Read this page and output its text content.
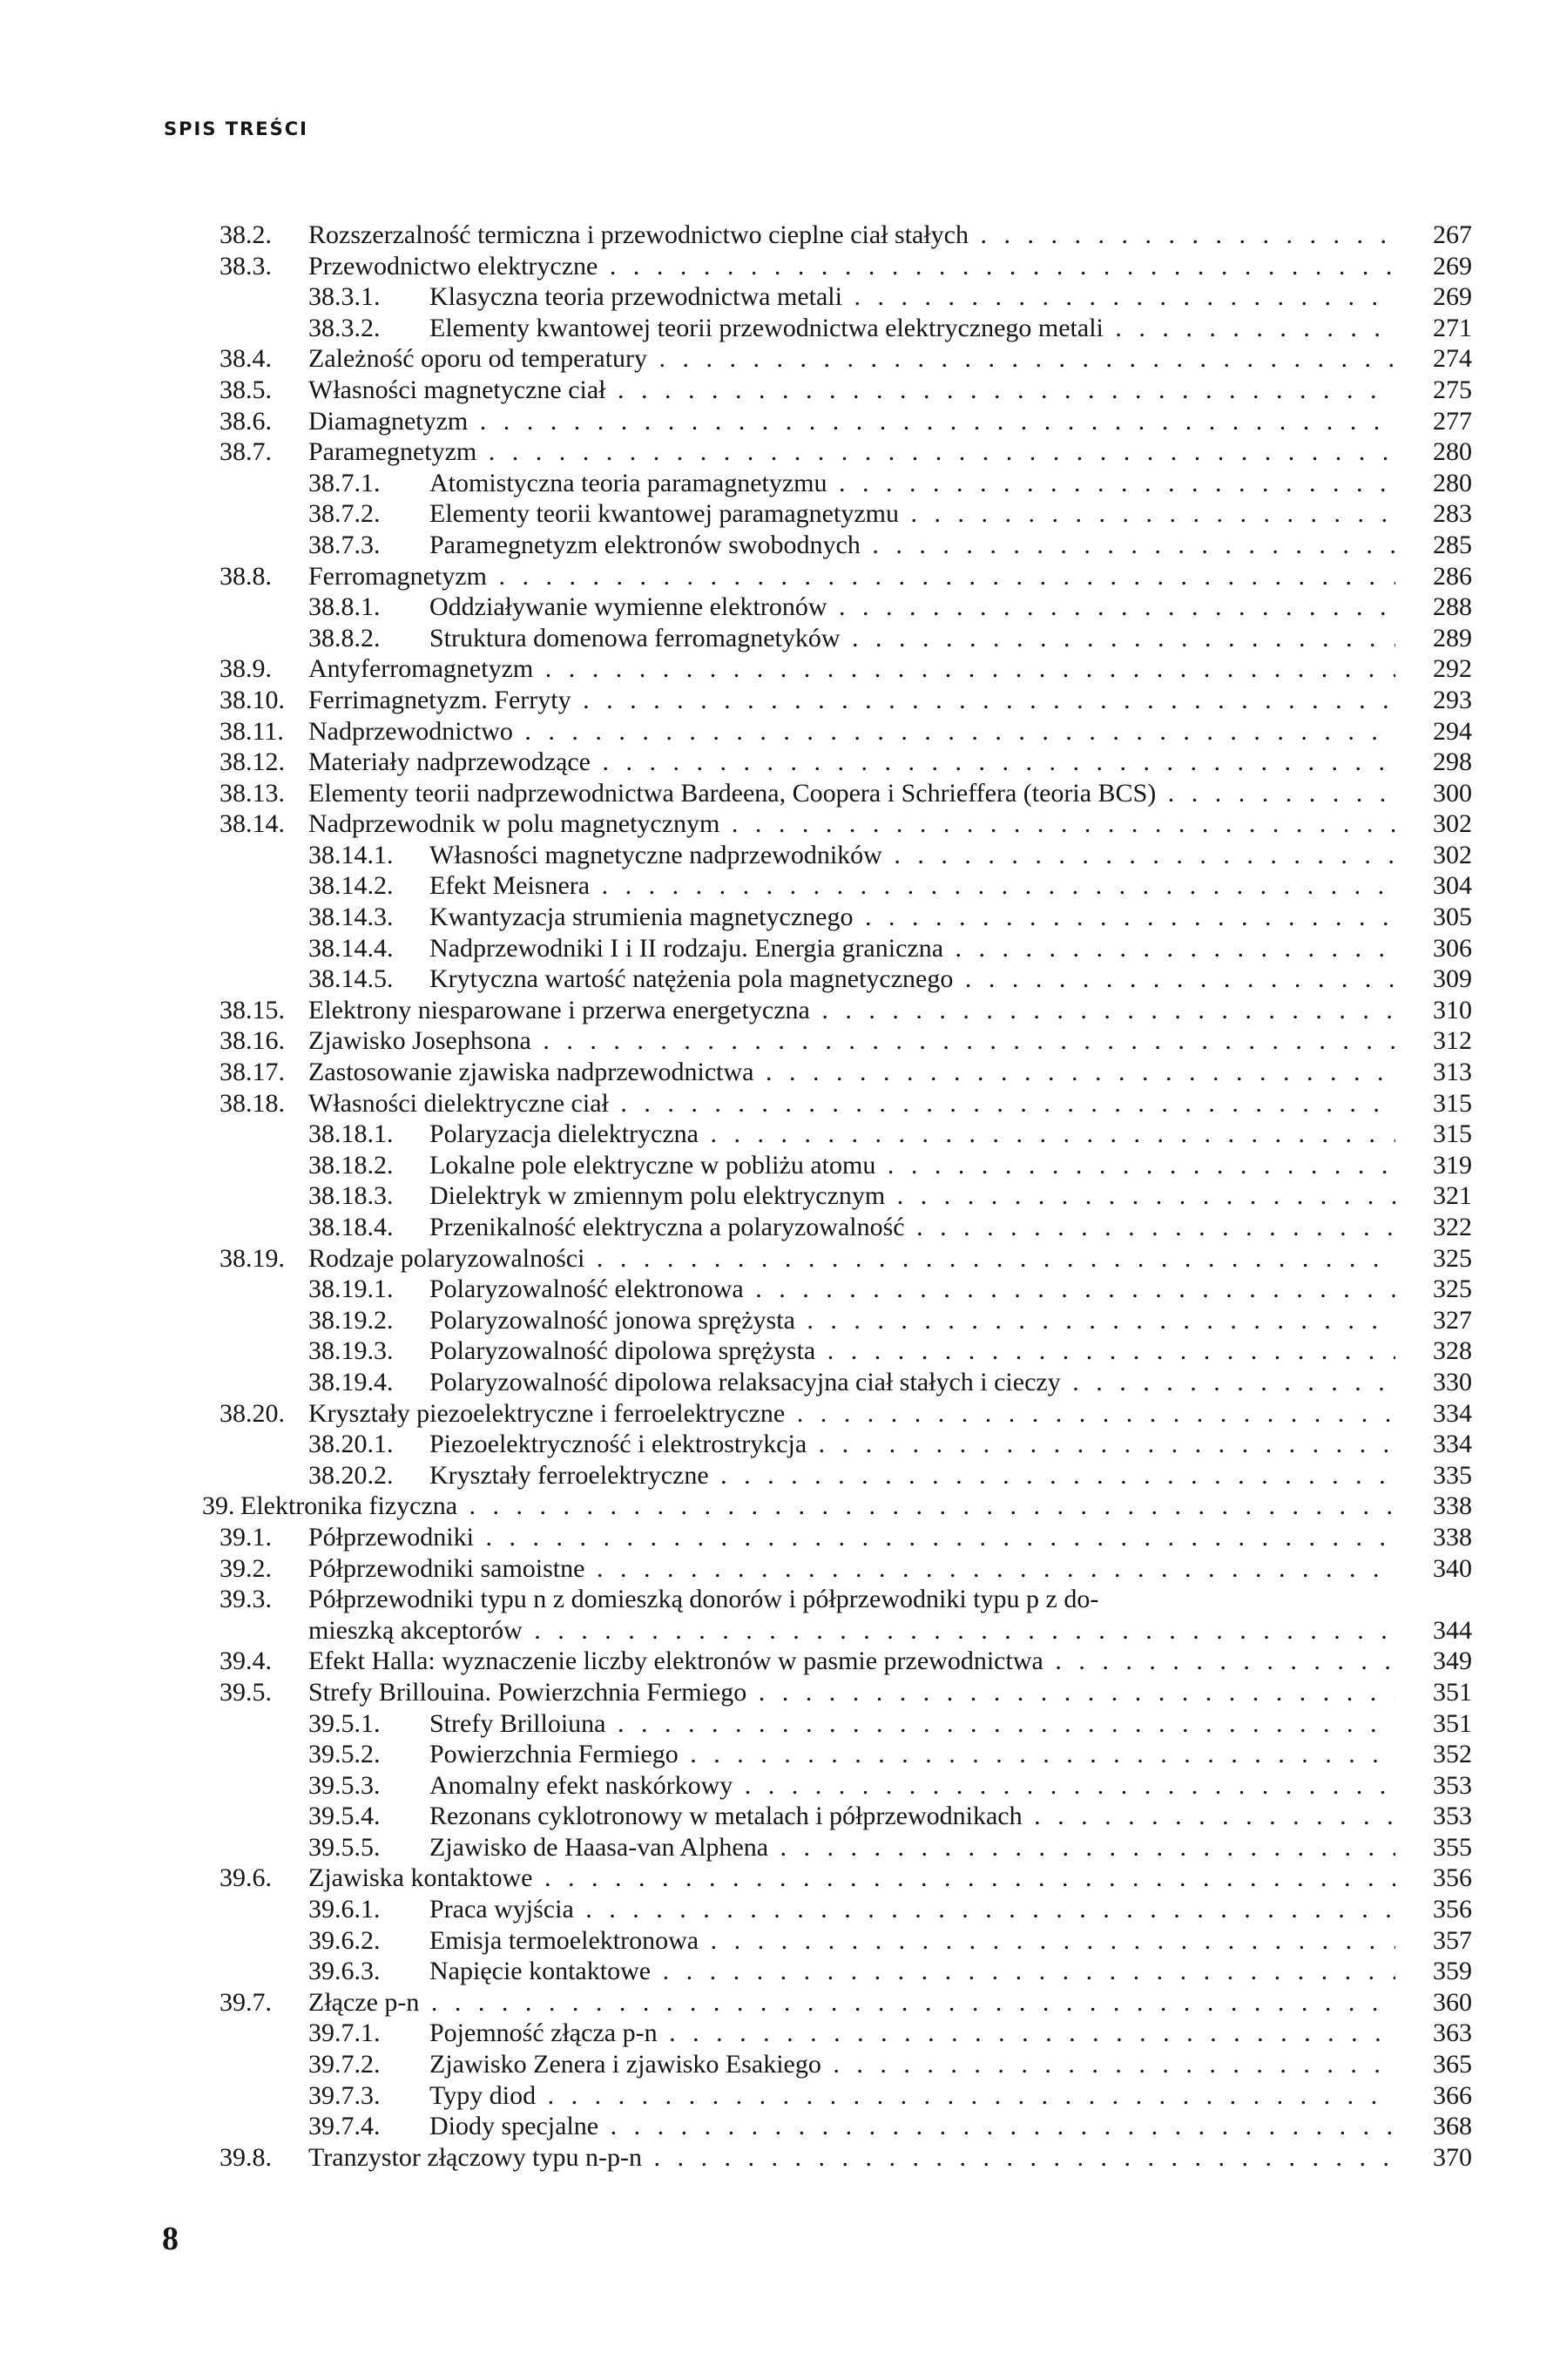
SPIS TREŚCI
38.2.	Rozszerzalność termiczna i przewodnictwo cieplne ciał stałych . . .	267
38.3.	Przewodnictwo elektryczne . . .	269
38.3.1.	Klasyczna teoria przewodnictwa metali . . .	269
38.3.2.	Elementy kwantowej teorii przewodnictwa elektrycznego metali . . .	271
38.4.	Zależność oporu od temperatury . . .	274
38.5.	Własności magnetyczne ciał . . .	275
38.6.	Diamagnetyzm . . .	277
38.7.	Paramegnetyzm . . .	280
38.7.1.	Atomistyczna teoria paramagnetyzmu . . .	280
38.7.2.	Elementy teorii kwantowej paramagnetyzmu . . .	283
38.7.3.	Paramegnetyzm elektronów swobodnych . . .	285
38.8.	Ferromagnetyzm . . .	286
38.8.1.	Oddziaływanie wymienne elektronów . . .	288
38.8.2.	Struktura domenowa ferromagnetyków . . .	289
38.9.	Antyferromagnetyzm . . .	292
38.10. Ferrimagnetyzm. Ferryty . . .	293
38.11. Nadprzewodnictwo . . .	294
38.12. Materiały nadprzewodzące . . .	298
38.13. Elementy teorii nadprzewodnictwa Bardeena, Coopera i Schrieffera (teoria BCS) . . .	300
38.14. Nadprzewodnik w polu magnetycznym . . .	302
38.14.1.	Własności magnetyczne nadprzewodników . . .	302
38.14.2.	Efekt Meisnera . . .	304
38.14.3.	Kwantyzacja strumienia magnetycznego . . .	305
38.14.4.	Nadprzewodniki I i II rodzaju. Energia graniczna . . .	306
38.14.5.	Krytyczna wartość natężenia pola magnetycznego . . .	309
38.15. Elektrony niesparowane i przerwa energetyczna . . .	310
38.16. Zjawisko Josephsona . . .	312
38.17. Zastosowanie zjawiska nadprzewodnictwa . . .	313
38.18. Własności dielektryczne ciał . . .	315
38.18.1.	Polaryzacja dielektryczna . . .	315
38.18.2.	Lokalne pole elektryczne w pobliżu atomu . . .	319
38.18.3.	Dielektryk w zmiennym polu elektrycznym . . .	321
38.18.4.	Przenikalność elektryczna a polaryzowalność . . .	322
38.19. Rodzaje polaryzowalności . . .	325
38.19.1.	Polaryzowalność elektronowa . . .	325
38.19.2.	Polaryzowalność jonowa sprężysta . . .	327
38.19.3.	Polaryzowalność dipolowa sprężysta . . .	328
38.19.4.	Polaryzowalność dipolowa relaksacyjna ciał stałych i cieczy . . .	330
38.20. Kryształy piezoelektryczne i ferroelektryczne . . .	334
38.20.1.	Piezoelektryczność i elektrostrykcja . . .	334
38.20.2.	Kryształy ferroelektryczne . . .	335
39. Elektronika fizyczna . . .	338
39.1.	Półprzewodniki . . .	338
39.2.	Półprzewodniki samoistne . . .	340
39.3.	Półprzewodniki typu n z domieszką donorów i półprzewodniki typu p z do-
mieszką akceptorów . . .	344
39.4.	Efekt Halla: wyznaczenie liczby elektronów w pasmie przewodnictwa . . .	349
39.5.	Strefy Brillouina. Powierzchnia Fermiego . . .	351
39.5.1.	Strefy Brilloiuna . . .	351
39.5.2.	Powierzchnia Fermiego . . .	352
39.5.3.	Anomalny efekt naskórkowy . . .	353
39.5.4.	Rezonans cyklotronowy w metalach i półprzewodnikach . . .	353
39.5.5.	Zjawisko de Haasa-van Alphena . . .	355
39.6.	Zjawiska kontaktowe . . .	356
39.6.1.	Praca wyjścia . . .	356
39.6.2.	Emisja termoelektronowa . . .	357
39.6.3.	Napięcie kontaktowe . . .	359
39.7.	Złącze p-n . . .	360
39.7.1.	Pojemność złącza p-n . . .	363
39.7.2.	Zjawisko Zenera i zjawisko Esakiego . . .	365
39.7.3.	Typy diod . . .	366
39.7.4.	Diody specjalne . . .	368
39.8.	Tranzystor złączowy typu n-p-n . . .	370
8
